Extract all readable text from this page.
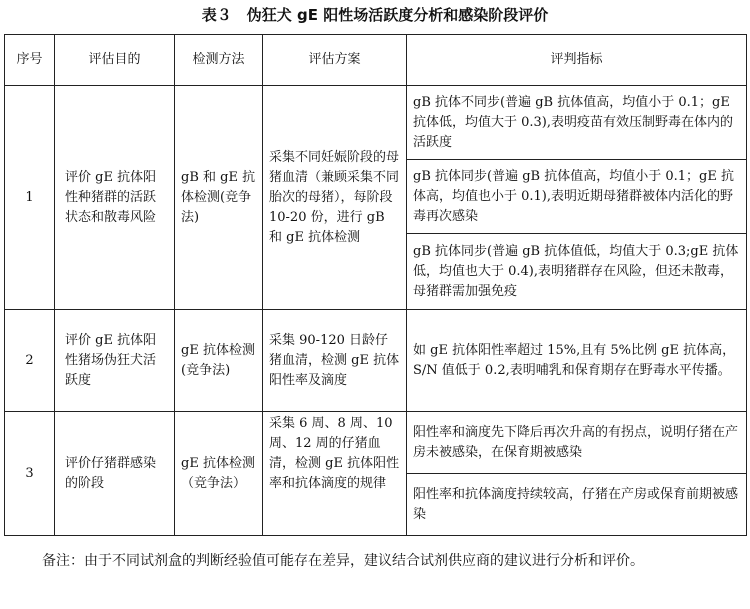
表３　伪狂犬 gE 阳性场活跃度分析和感染阶段评价
序号	评估目的	检测方法	评估方案	评判指标
1	评价 gE 抗体阳性种猪群的活跃状态和散毒风险	gB 和 gE 抗体检测(竞争法)	采集不同妊娠阶段的母猪血清（兼顾采集不同胎次的母猪），每阶段 10-20 份，进行 gB 和 gE 抗体检测	gB 抗体不同步(普遍 gB 抗体值高，均值小于 0.1；gE 抗体低，均值大于 0.3),表明疫苗有效压制野毒在体内的活跃度
				gB 抗体同步(普遍 gB 抗体值高，均值小于 0.1；gE 抗体高，均值也小于 0.1),表明近期母猪群被体内活化的野毒再次感染
				gB 抗体同步(普遍 gB 抗体值低，均值大于 0.3;gE 抗体低，均值也大于 0.4),表明猪群存在风险，但还未散毒，母猪群需加强免疫
2	评价 gE 抗体阳性猪场伪狂犬活跃度	gE 抗体检测(竞争法)	采集 90-120 日龄仔猪血清，检测 gE 抗体阳性率及滴度	如 gE 抗体阳性率超过 15%,且有 5%比例 gE 抗体高，S/N 值低于 0.2,表明哺乳和保育期存在野毒水平传播。
3	评价仔猪群感染的阶段	gE 抗体检测（竞争法）	采集 6 周、8 周、10 周、12 周的仔猪血清，检测 gE 抗体阳性率和抗体滴度的规律	阳性率和滴度先下降后再次升高的有拐点，说明仔猪在产房未被感染，在保育期被感染
				阳性率和抗体滴度持续较高，仔猪在产房或保育前期被感染
备注：由于不同试剂盒的判断经验值可能存在差异，建议结合试剂供应商的建议进行分析和评价。
